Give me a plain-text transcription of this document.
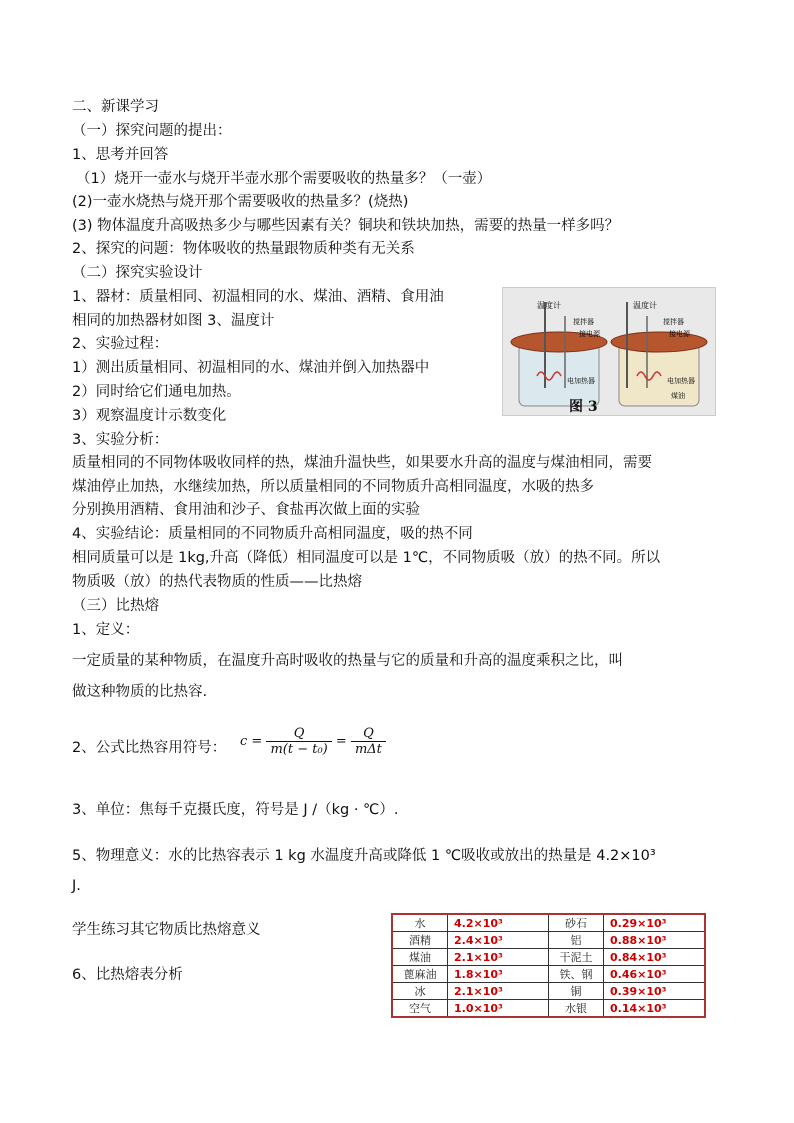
二、新课学习
（一）探究问题的提出：
1、思考并回答
（1）烧开一壶水与烧开半壶水那个需要吸收的热量多？（一壶）
(2)一壶水烧热与烧开那个需要吸收的热量多？(烧热)
(3) 物体温度升高吸热多少与哪些因素有关？铜块和铁块加热，需要的热量一样多吗？
2、探究的问题：物体吸收的热量跟物质种类有无关系
（二）探究实验设计
1、器材：质量相同、初温相同的水、煤油、酒精、食用油
相同的加热器材如图 3、温度计
2、实验过程：
1）测出质量相同、初温相同的水、煤油并倒入加热器中
2）同时给它们通电加热。
3）观察温度计示数变化
3、实验分析：
质量相同的不同物体吸收同样的热，煤油升温快些，如果要水升高的温度与煤油相同，需要
煤油停止加热，水继续加热，所以质量相同的不同物质升高相同温度，水吸的热多
分别换用酒精、食用油和沙子、食盐再次做上面的实验
4、实验结论：质量相同的不同物质升高相同温度，吸的热不同
相同质量可以是 1kg,升高（降低）相同温度可以是 1℃，不同物质吸（放）的热不同。所以
物质吸（放）的热代表物质的性质——比热熔
（三）比热熔
1、定义：
一定质量的某种物质，在温度升高时吸收的热量与它的质量和升高的温度乘积之比，叫
做这种物质的比热容.
2、公式比热容用符号：
3、单位：焦每千克摄氏度，符号是 J /（kg · ℃）.
5、物理意义：水的比热容表示 1 kg 水温度升高或降低 1 ℃吸收或放出的热量是 4.2×10³
J.
学生练习其它物质比热熔意义
6、比热熔表分析
$c = \frac{Q}{\text{m(t − t₀)}} = \frac{Q}{\text{mΔt}}$
温度计	温度计
搅拌器	搅拌器
接电源	接电源
电加热器	电加热器
煤油
图 3
水	4.2×10³	砂石	0.29×10³
酒精	2.4×10³	铝	0.88×10³
煤油	2.1×10³	干泥土	0.84×10³
蓖麻油	1.8×10³	铁、钢	0.46×10³
冰	2.1×10³	铜	0.39×10³
空气	1.0×10³	水银	0.14×10³
